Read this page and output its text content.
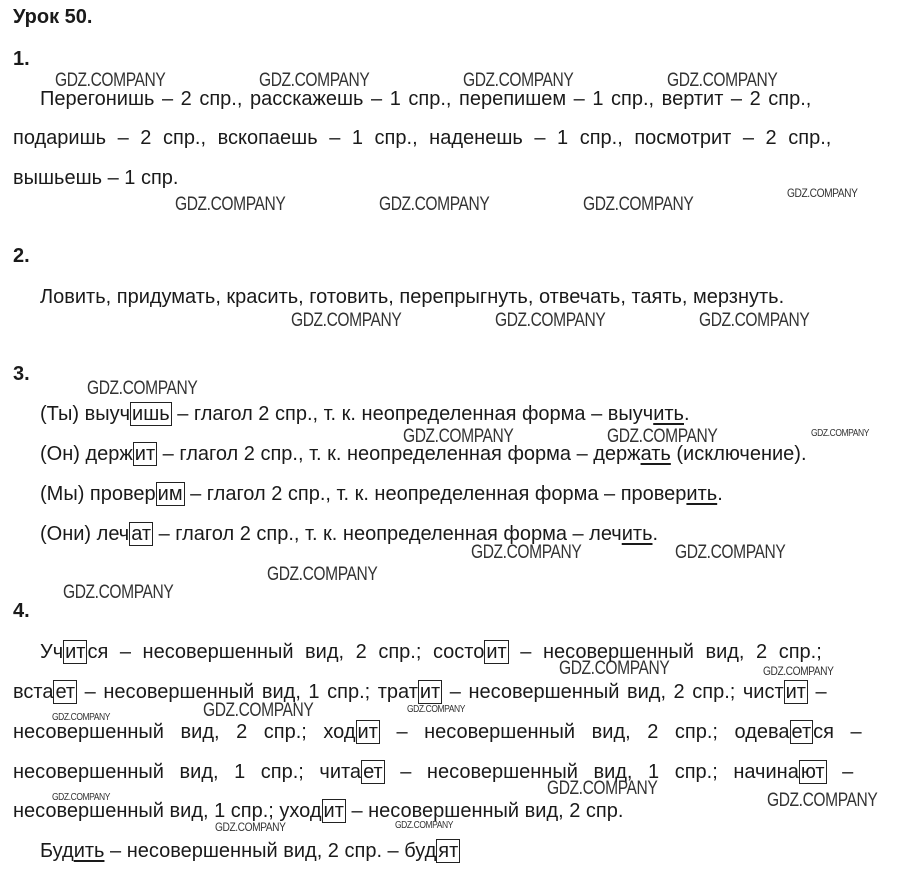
Урок 50.
1.
Перегонишь – 2 спр., расскажешь – 1 спр., перепишем – 1 спр., вертит – 2 спр.,
подаришь – 2 спр., вскопаешь – 1 спр., наденешь – 1 спр., посмотрит – 2 спр.,
вышьешь – 1 спр.
2.
Ловить, придумать, красить, готовить, перепрыгнуть, отвечать, таять, мерзнуть.
3.
(Ты) выуч ишь – глагол 2 спр., т. к. неопределенная форма – выучить.
(Он) держ ит – глагол 2 спр., т. к. неопределенная форма – держать (исключение).
(Мы) провер им – глагол 2 спр., т. к. неопределенная форма – проверить.
(Они) леч ат – глагол 2 спр., т. к. неопределенная форма – лечить.
4.
Уч ит ся – несовершенный вид, 2 спр.; состо ит – несовершенный вид, 2 спр.;
вста ет – несовершенный вид, 1 спр.; трат ит – несовершенный вид, 2 спр.; чист ит –
несовершенный вид, 2 спр.; ход ит – несовершенный вид, 2 спр.; одева ет ся –
несовершенный вид, 1 спр.; чита ет – несовершенный вид, 1 спр.; начина ют –
несовершенный вид, 1 спр.; уход ит – несовершенный вид, 2 спр.
Будить – несовершенный вид, 2 спр. – буд ят
GDZ.COMPANY	GDZ.COMPANY	GDZ.COMPANY	GDZ.COMPANY
GDZ.COMPANY	GDZ.COMPANY	GDZ.COMPANY
GDZ.COMPANY
GDZ.COMPANY	GDZ.COMPANY	GDZ.COMPANY
GDZ.COMPANY
GDZ.COMPANY	GDZ.COMPANY	GDZ.COMPANY
GDZ.COMPANY	GDZ.COMPANY
GDZ.COMPANY
GDZ.COMPANY
GDZ.COMPANY	GDZ.COMPANY
GDZ.COMPANY
GDZ.COMPANY
GDZ.COMPANY
GDZ.COMPANY
GDZ.COMPANY
GDZ.COMPANY
GDZ.COMPANY	GDZ.COMPANY
